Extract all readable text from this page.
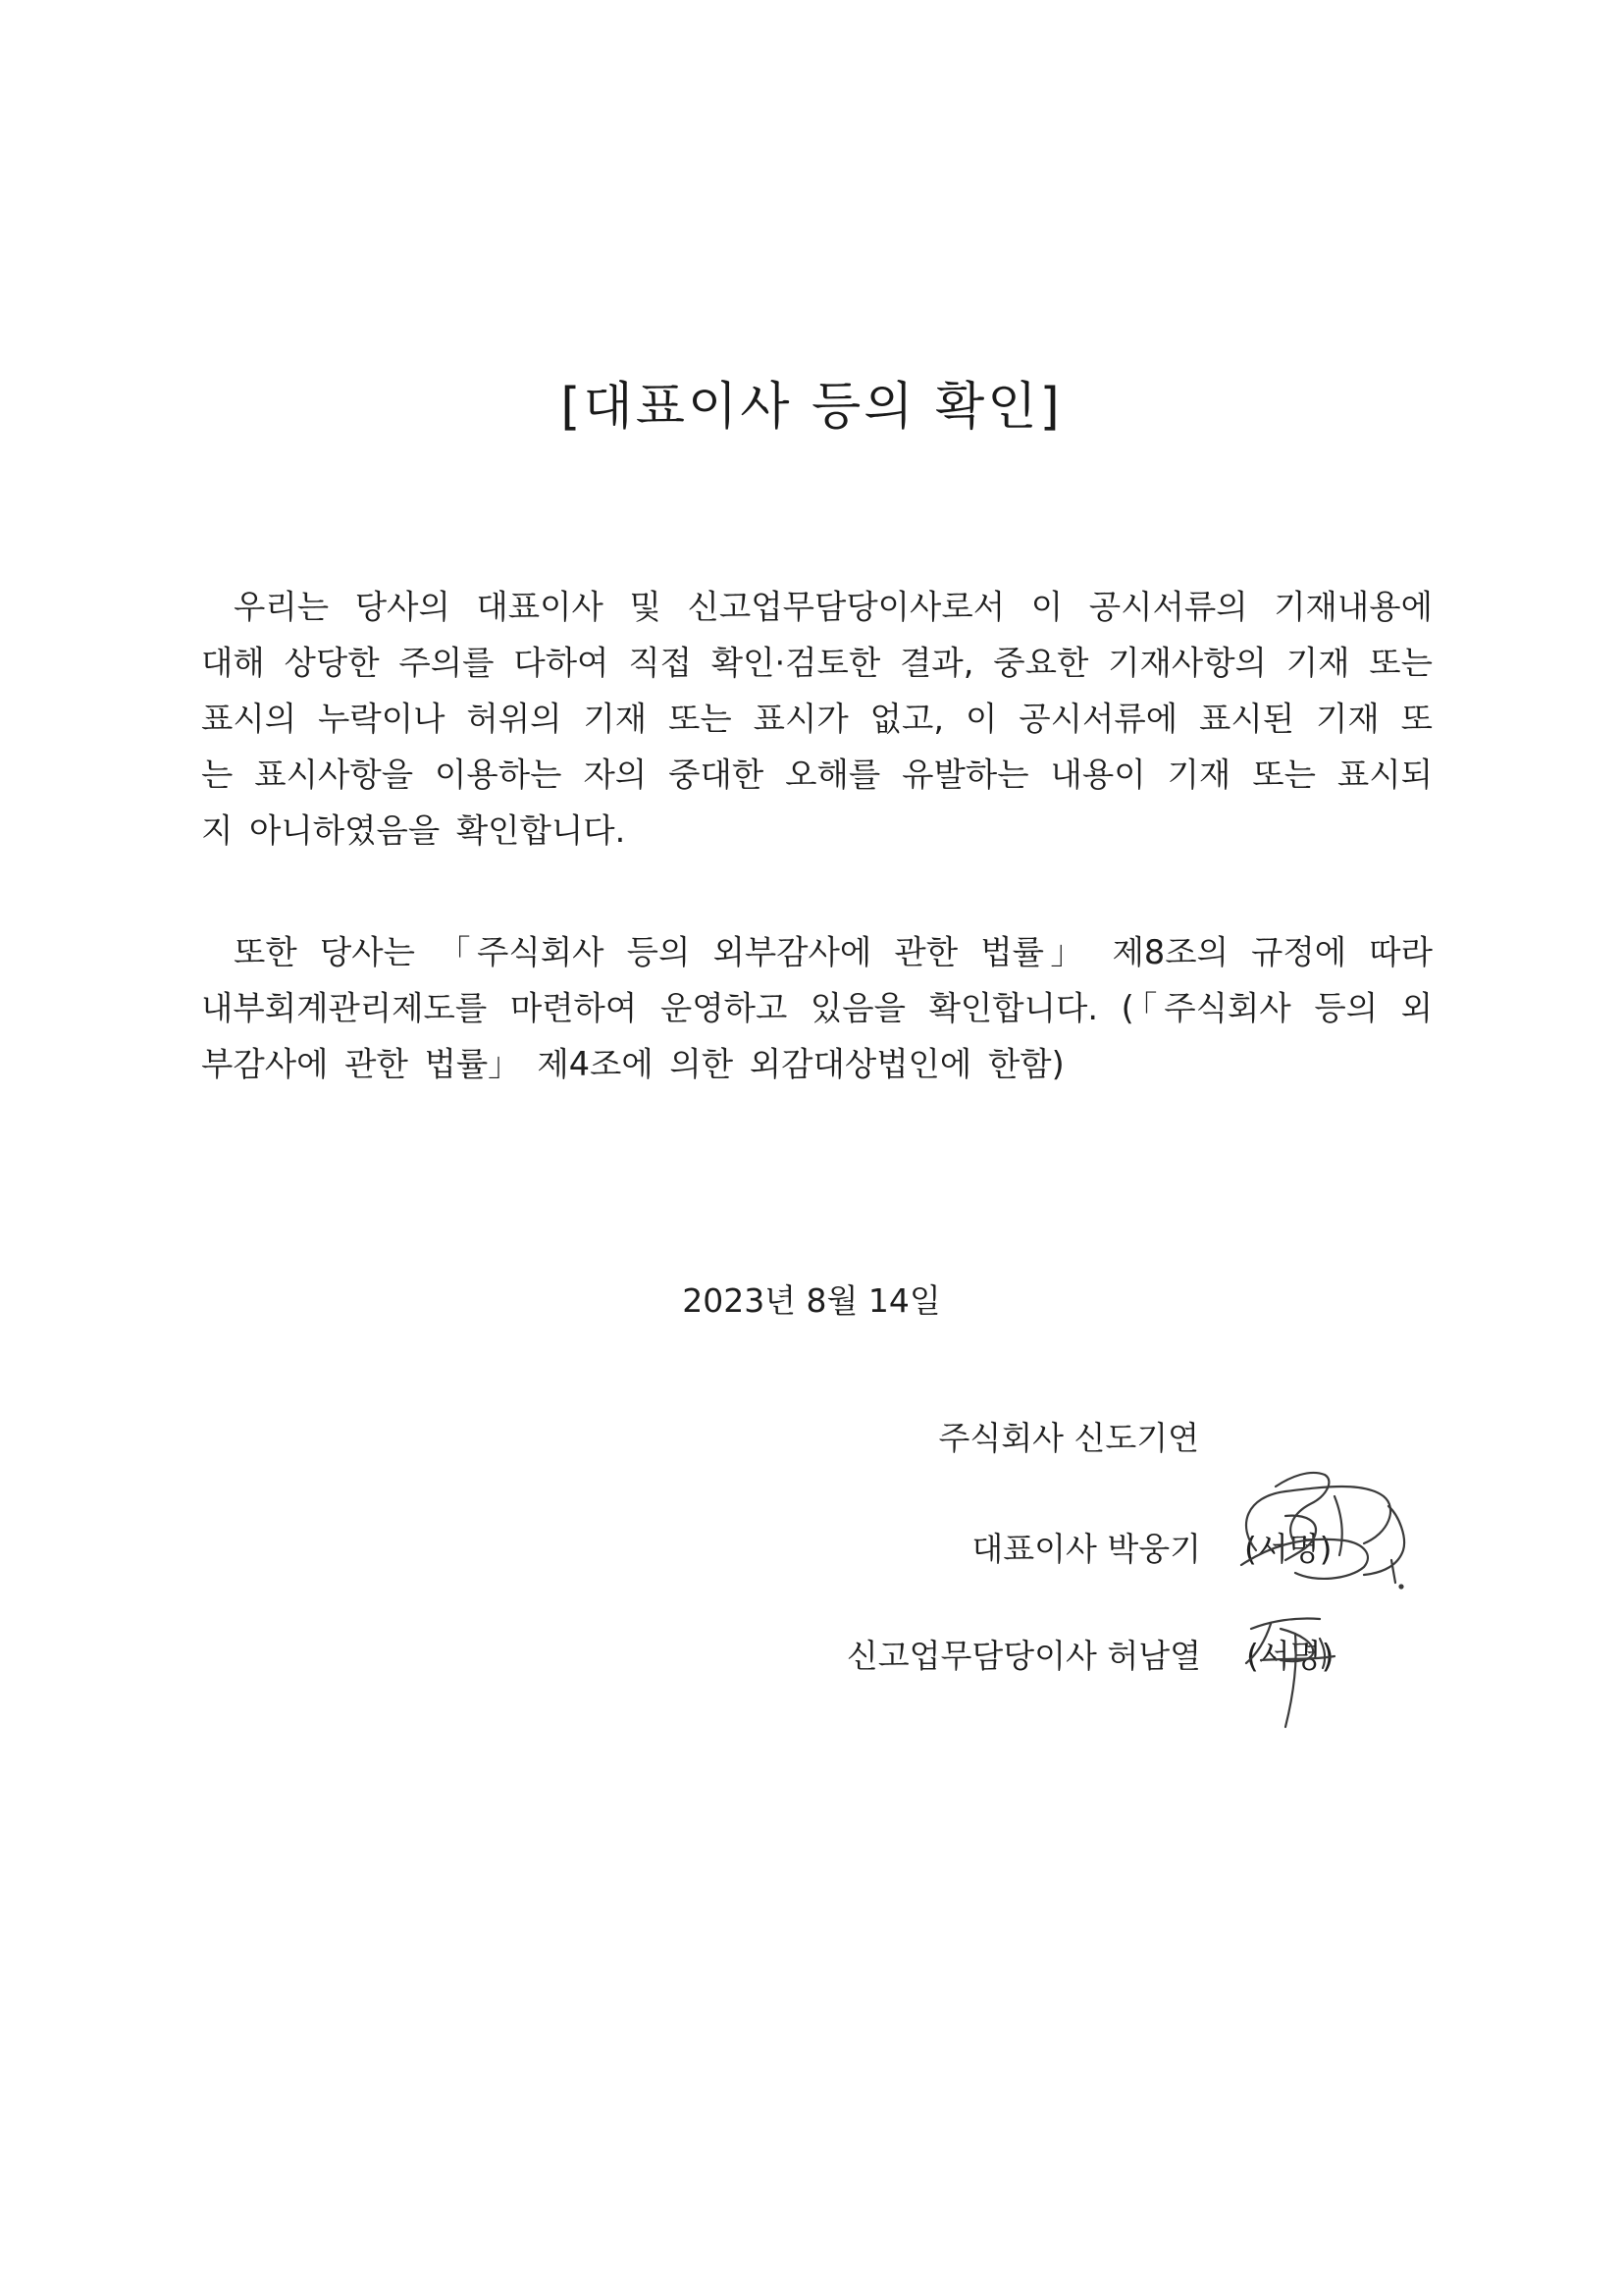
[대표이사 등의 확인]
우리는 당사의 대표이사 및 신고업무담당이사로서 이 공시서류의 기재내용에
대해 상당한 주의를 다하여 직접 확인·검토한 결과, 중요한 기재사항의 기재 또는
표시의 누락이나 허위의 기재 또는 표시가 없고, 이 공시서류에 표시된 기재 또
는 표시사항을 이용하는 자의 중대한 오해를 유발하는 내용이 기재 또는 표시되
지 아니하였음을 확인합니다.
또한 당사는 「주식회사 등의 외부감사에 관한 법률」 제8조의 규정에 따라
내부회계관리제도를 마련하여 운영하고 있음을 확인합니다. (「주식회사 등의 외
부감사에 관한 법률」 제4조에 의한 외감대상법인에 한함)
2023년 8월 14일
주식회사 신도기연
대표이사 박웅기 (서명)
신고업무담당이사 허남열 (서명)
